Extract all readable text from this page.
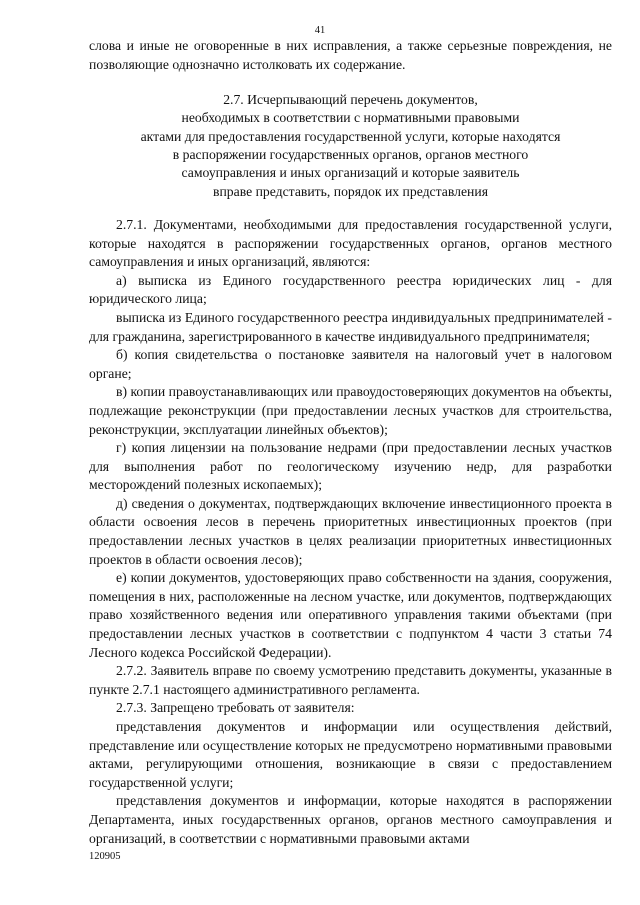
41

слова и иные не оговоренные в них исправления, а также серьезные повреждения, не позволяющие однозначно истолковать их содержание.

2.7. Исчерпывающий перечень документов,
необходимых в соответствии с нормативными правовыми
актами для предоставления государственной услуги, которые находятся
в распоряжении государственных органов, органов местного
самоуправления и иных организаций и которые заявитель
вправе представить, порядок их представления

2.7.1. Документами, необходимыми для предоставления государственной услуги, которые находятся в распоряжении государственных органов, органов местного самоуправления и иных организаций, являются:

а) выписка из Единого государственного реестра юридических лиц - для юридического лица;

выписка из Единого государственного реестра индивидуальных предпринимателей - для гражданина, зарегистрированного в качестве индивидуального предпринимателя;

б) копия свидетельства о постановке заявителя на налоговый учет в налоговом органе;

в) копии правоустанавливающих или правоудостоверяющих документов на объекты, подлежащие реконструкции (при предоставлении лесных участков для строительства, реконструкции, эксплуатации линейных объектов);

г) копия лицензии на пользование недрами (при предоставлении лесных участков для выполнения работ по геологическому изучению недр, для разработки месторождений полезных ископаемых);

д) сведения о документах, подтверждающих включение инвестиционного проекта в области освоения лесов в перечень приоритетных инвестиционных проектов (при предоставлении лесных участков в целях реализации приоритетных инвестиционных проектов в области освоения лесов);

е) копии документов, удостоверяющих право собственности на здания, сооружения, помещения в них, расположенные на лесном участке, или документов, подтверждающих право хозяйственного ведения или оперативного управления такими объектами (при предоставлении лесных участков в соответствии с подпунктом 4 части 3 статьи 74 Лесного кодекса Российской Федерации).

2.7.2. Заявитель вправе по своему усмотрению представить документы, указанные в пункте 2.7.1 настоящего административного регламента.

2.7.3. Запрещено требовать от заявителя:

представления документов и информации или осуществления действий, представление или осуществление которых не предусмотрено нормативными правовыми актами, регулирующими отношения, возникающие в связи с предоставлением государственной услуги;

представления документов и информации, которые находятся в распоряжении Департамента, иных государственных органов, органов местного самоуправления и организаций, в соответствии с нормативными правовыми актами

120905
